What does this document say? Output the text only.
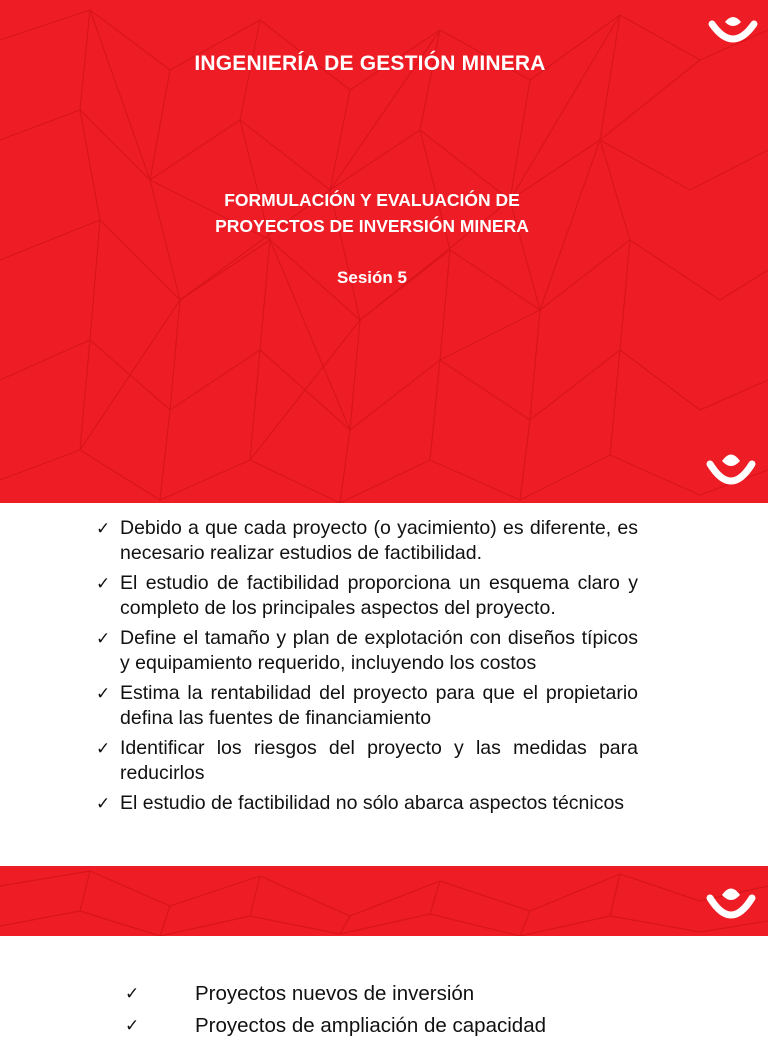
INGENIERÍA DE GESTIÓN MINERA
FORMULACIÓN Y EVALUACIÓN DE
PROYECTOS DE INVERSIÓN MINERA
Sesión 5
✓ Debido a que cada proyecto (o yacimiento) es diferente, es necesario realizar estudios de factibilidad.
✓ El estudio de factibilidad proporciona un esquema claro y completo de los principales aspectos del proyecto.
✓ Define el tamaño y plan de explotación con diseños típicos y equipamiento requerido, incluyendo los costos
✓ Estima la rentabilidad del proyecto para que el propietario defina las fuentes de financiamiento
✓ Identificar los riesgos del proyecto y las medidas para reducirlos
✓ El estudio de factibilidad no sólo abarca aspectos técnicos
✓	Proyectos nuevos de inversión
✓	Proyectos de ampliación de capacidad
